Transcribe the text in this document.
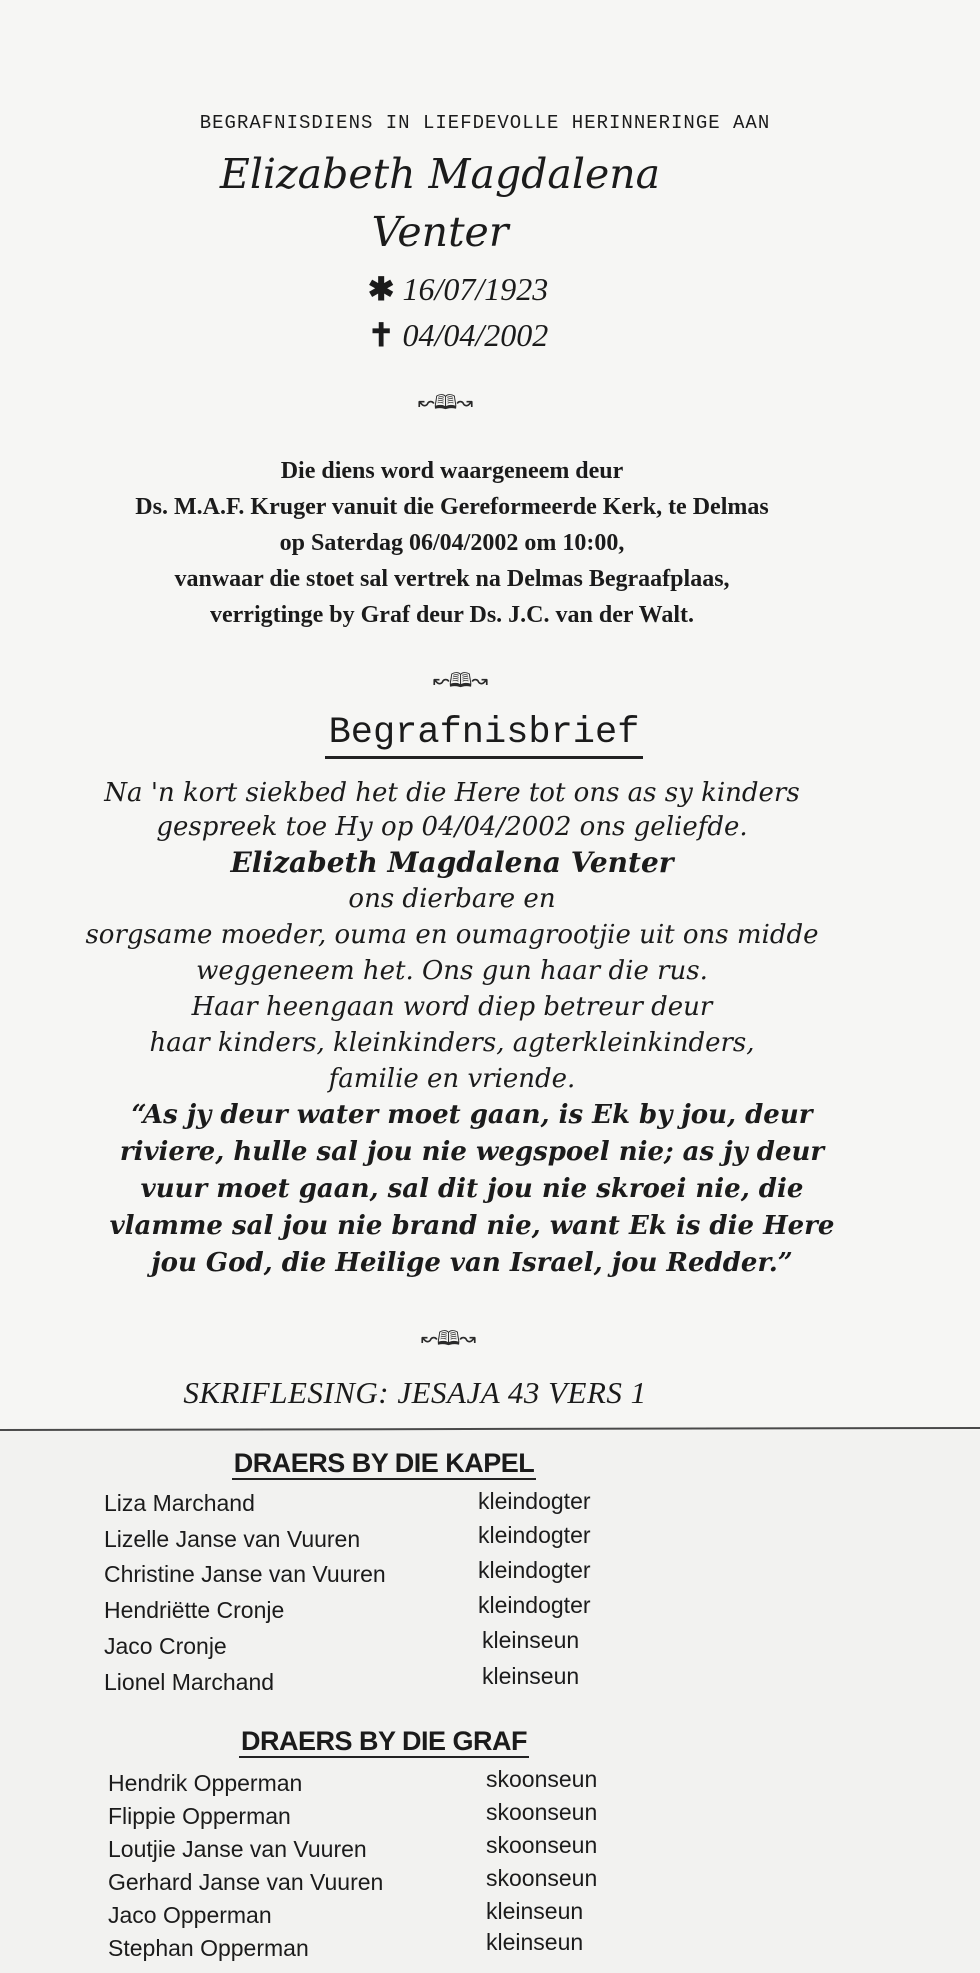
BEGRAFNISDIENS IN LIEFDEVOLLE HERINNERINGE AAN
Elizabeth Magdalena
Venter
✱ 16/07/1923
✝ 04/04/2002
↜🕮↝
Die diens word waargeneem deur
Ds. M.A.F. Kruger vanuit die Gereformeerde Kerk, te Delmas
op Saterdag 06/04/2002 om 10:00,
vanwaar die stoet sal vertrek na Delmas Begraafplaas,
verrigtinge by Graf deur Ds. J.C. van der Walt.
↜🕮↝
Begrafnisbrief
Na 'n kort siekbed het die Here tot ons as sy kinders
gespreek toe Hy op 04/04/2002 ons geliefde.
Elizabeth Magdalena Venter
ons dierbare en
sorgsame moeder, ouma en oumagrootjie uit ons midde
weggeneem het. Ons gun haar die rus.
Haar heengaan word diep betreur deur
haar kinders, kleinkinders, agterkleinkinders,
familie en vriende.
“As jy deur water moet gaan, is Ek by jou, deur
riviere, hulle sal jou nie wegspoel nie; as jy deur
vuur moet gaan, sal dit jou nie skroei nie, die
vlamme sal jou nie brand nie, want Ek is die Here
jou God, die Heilige van Israel, jou Redder.”
↜🕮↝
SKRIFLESING: JESAJA 43 VERS 1
DRAERS BY DIE KAPEL
Liza Marchand	kleindogter
Lizelle Janse van Vuuren	kleindogter
Christine Janse van Vuuren	kleindogter
Hendriëtte Cronje	kleindogter
Jaco Cronje	kleinseun
Lionel Marchand	kleinseun
DRAERS BY DIE GRAF
Hendrik Opperman	skoonseun
Flippie Opperman	skoonseun
Loutjie Janse van Vuuren	skoonseun
Gerhard Janse van Vuuren	skoonseun
Jaco Opperman	kleinseun
Stephan Opperman	kleinseun
